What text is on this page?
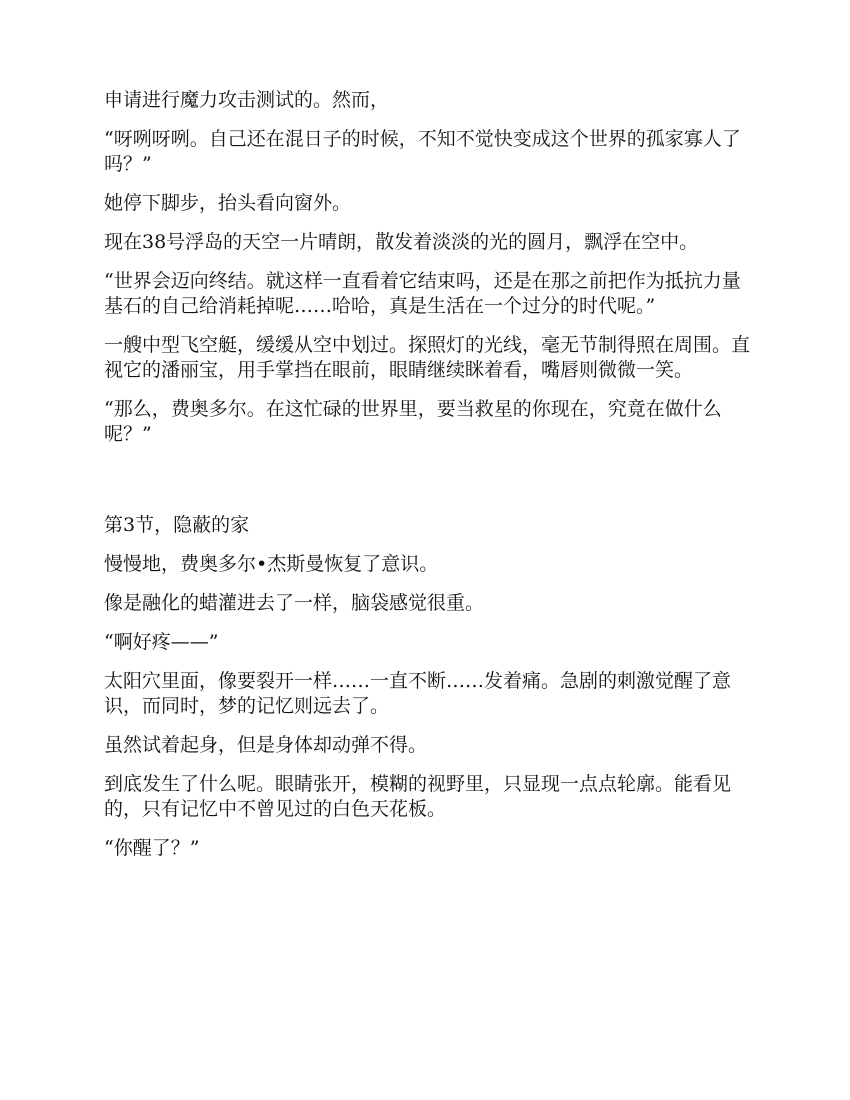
申请进行魔力攻击测试的。然而，

“呀咧呀咧。自己还在混日子的时候，不知不觉快变成这个世界的孤家寡人了吗？”

她停下脚步，抬头看向窗外。

现在38号浮岛的天空一片晴朗，散发着淡淡的光的圆月，飘浮在空中。

“世界会迈向终结。就这样一直看着它结束吗，还是在那之前把作为抵抗力量基石的自己给消耗掉呢……哈哈，真是生活在一个过分的时代呢。”

一艘中型飞空艇，缓缓从空中划过。探照灯的光线，毫无节制得照在周围。直视它的潘丽宝，用手掌挡在眼前，眼睛继续眯着看，嘴唇则微微一笑。

“那么，费奥多尔。在这忙碌的世界里，要当救星的你现在，究竟在做什么呢？”

第3节，隐蔽的家

慢慢地，费奥多尔•杰斯曼恢复了意识。

像是融化的蜡灌进去了一样，脑袋感觉很重。

“啊好疼——”

太阳穴里面，像要裂开一样……一直不断……发着痛。急剧的刺激觉醒了意识，而同时，梦的记忆则远去了。

虽然试着起身，但是身体却动弹不得。

到底发生了什么呢。眼睛张开，模糊的视野里，只显现一点点轮廓。能看见的，只有记忆中不曾见过的白色天花板。

“你醒了？”
